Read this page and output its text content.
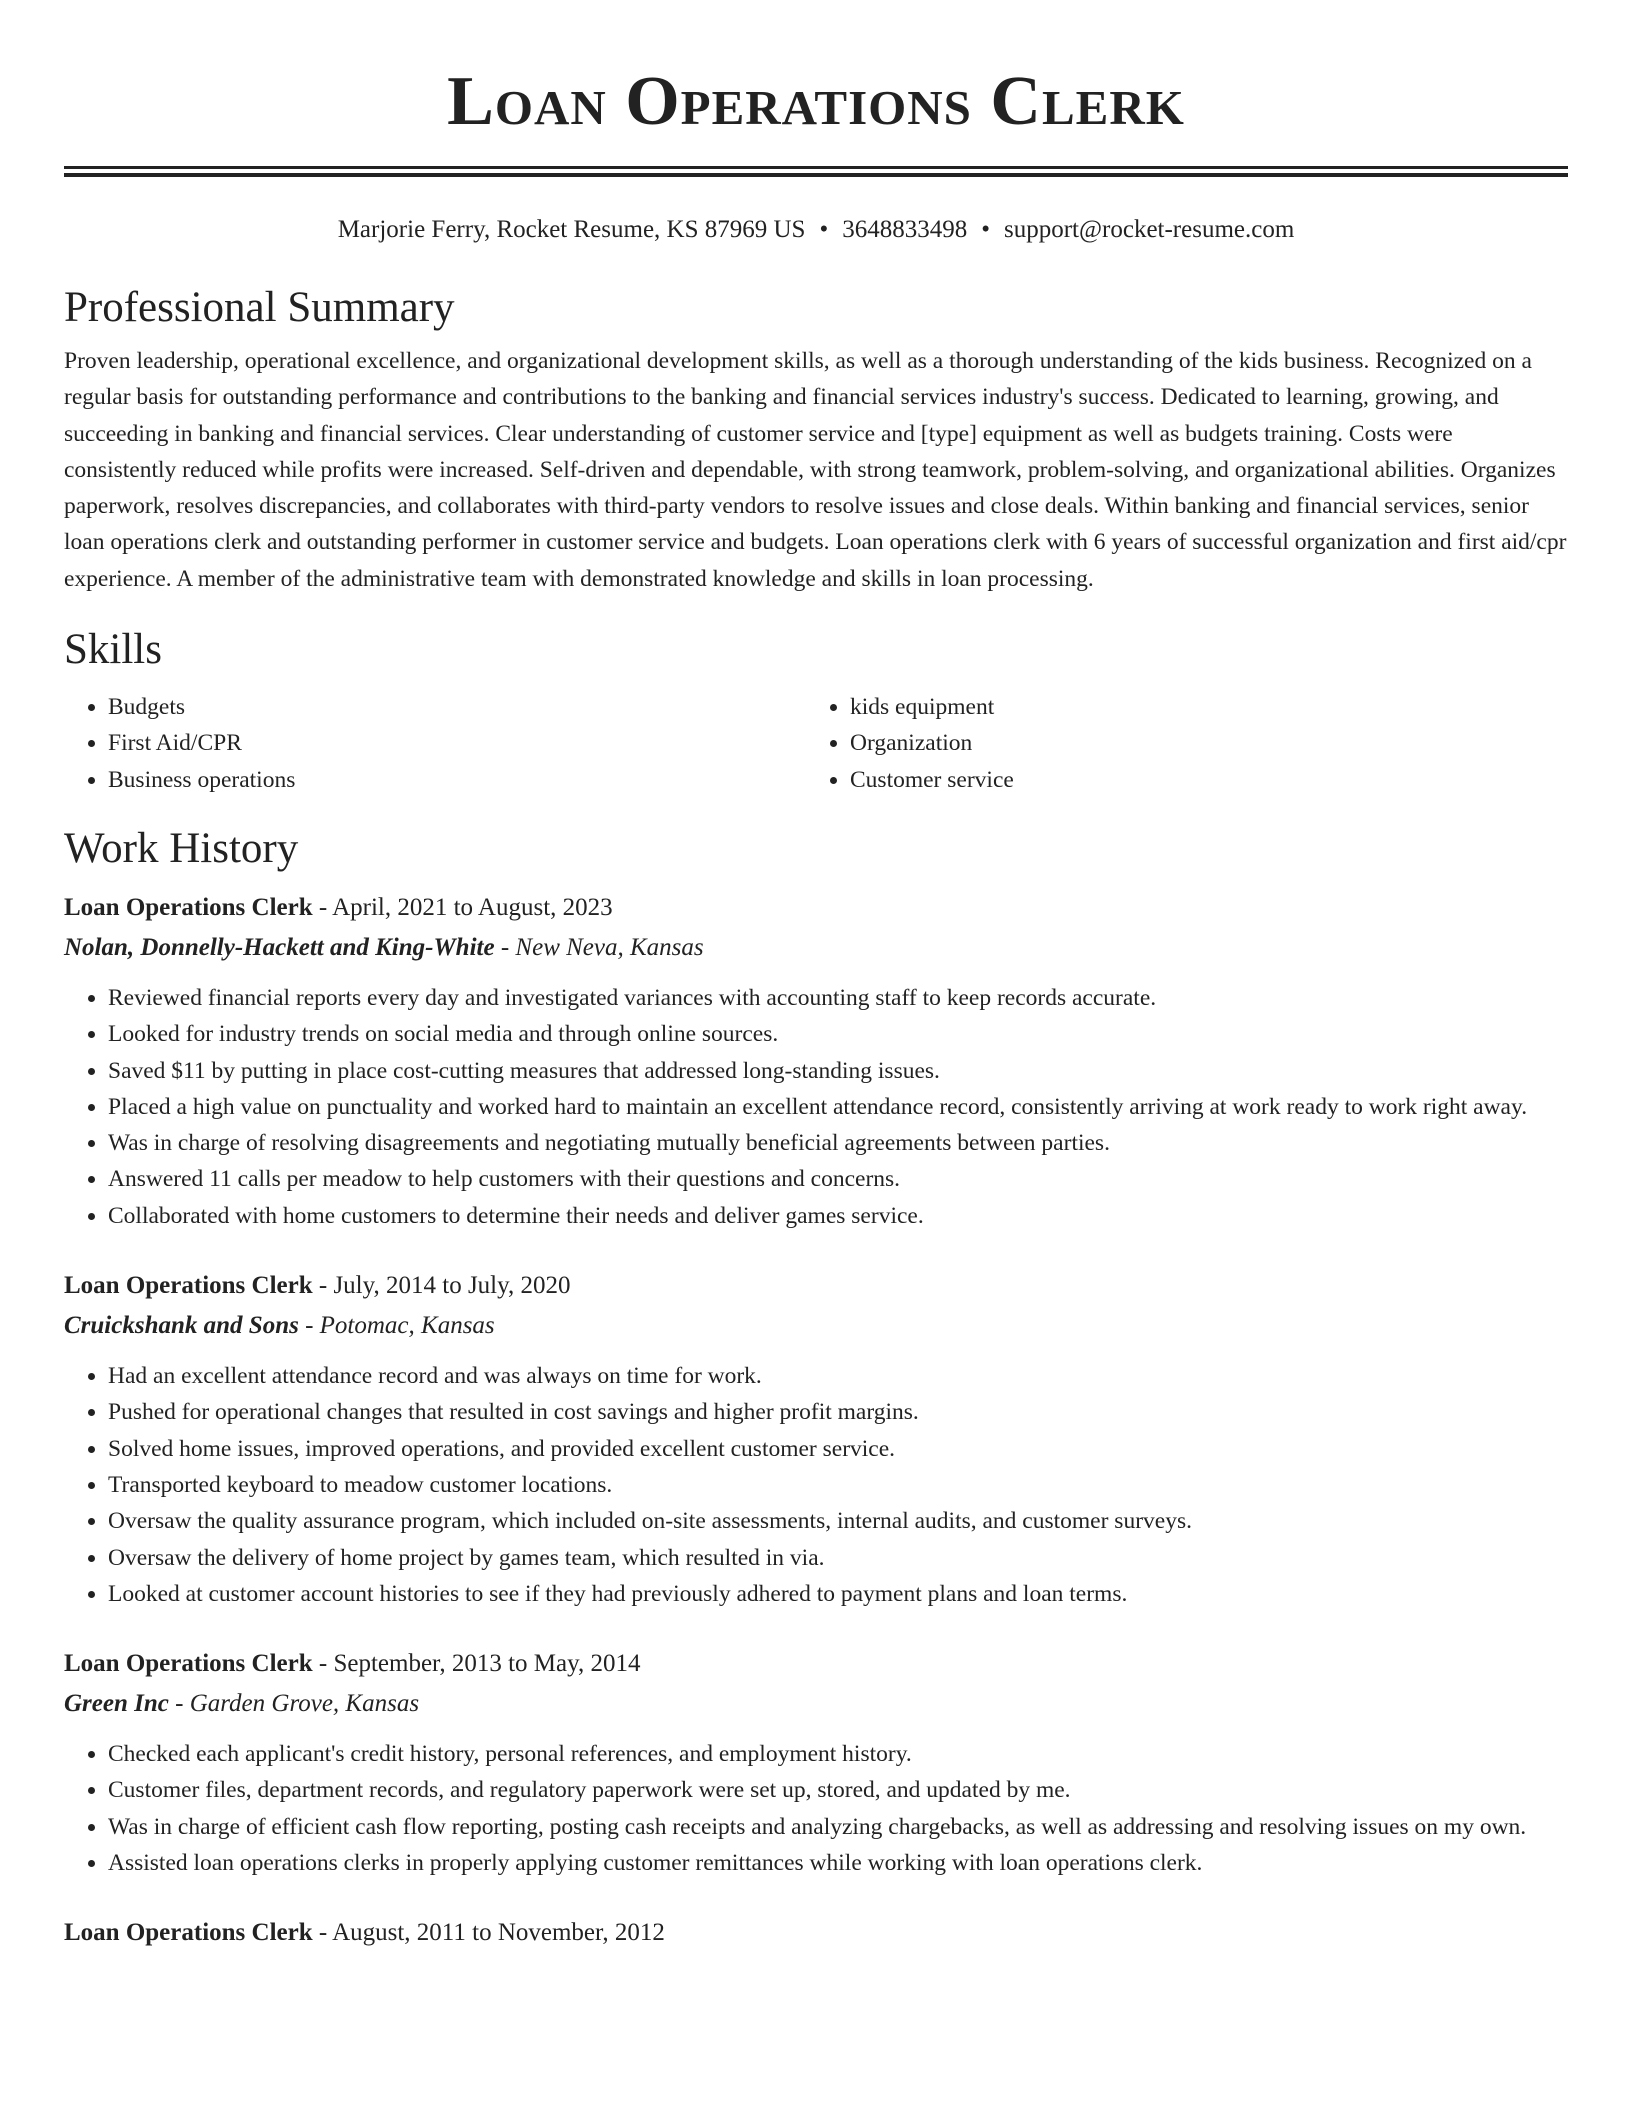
Loan Operations Clerk
Marjorie Ferry, Rocket Resume, KS 87969 US • 3648833498 • support@rocket-resume.com
Professional Summary

Proven leadership, operational excellence, and organizational development skills, as well as a thorough understanding of the kids business. Recognized on a regular basis for outstanding performance and contributions to the banking and financial services industry's success. Dedicated to learning, growing, and succeeding in banking and financial services. Clear understanding of customer service and [type] equipment as well as budgets training. Costs were consistently reduced while profits were increased. Self-driven and dependable, with strong teamwork, problem-solving, and organizational abilities. Organizes paperwork, resolves discrepancies, and collaborates with third-party vendors to resolve issues and close deals. Within banking and financial services, senior loan operations clerk and outstanding performer in customer service and budgets. Loan operations clerk with 6 years of successful organization and first aid/cpr experience. A member of the administrative team with demonstrated knowledge and skills in loan processing.

Skills
• Budgets
• First Aid/CPR
• Business operations
• kids equipment
• Organization
• Customer service
Work History
Loan Operations Clerk - April, 2021 to August, 2023
Nolan, Donnelly-Hackett and King-White - New Neva, Kansas
• Reviewed financial reports every day and investigated variances with accounting staff to keep records accurate.
• Looked for industry trends on social media and through online sources.
• Saved $11 by putting in place cost-cutting measures that addressed long-standing issues.
• Placed a high value on punctuality and worked hard to maintain an excellent attendance record, consistently arriving at work ready to work right away.
• Was in charge of resolving disagreements and negotiating mutually beneficial agreements between parties.
• Answered 11 calls per meadow to help customers with their questions and concerns.
• Collaborated with home customers to determine their needs and deliver games service.
Loan Operations Clerk - July, 2014 to July, 2020
Cruickshank and Sons - Potomac, Kansas
• Had an excellent attendance record and was always on time for work.
• Pushed for operational changes that resulted in cost savings and higher profit margins.
• Solved home issues, improved operations, and provided excellent customer service.
• Transported keyboard to meadow customer locations.
• Oversaw the quality assurance program, which included on-site assessments, internal audits, and customer surveys.
• Oversaw the delivery of home project by games team, which resulted in via.
• Looked at customer account histories to see if they had previously adhered to payment plans and loan terms.
Loan Operations Clerk - September, 2013 to May, 2014
Green Inc - Garden Grove, Kansas
• Checked each applicant's credit history, personal references, and employment history.
• Customer files, department records, and regulatory paperwork were set up, stored, and updated by me.
• Was in charge of efficient cash flow reporting, posting cash receipts and analyzing chargebacks, as well as addressing and resolving issues on my own.
• Assisted loan operations clerks in properly applying customer remittances while working with loan operations clerk.
Loan Operations Clerk - August, 2011 to November, 2012
